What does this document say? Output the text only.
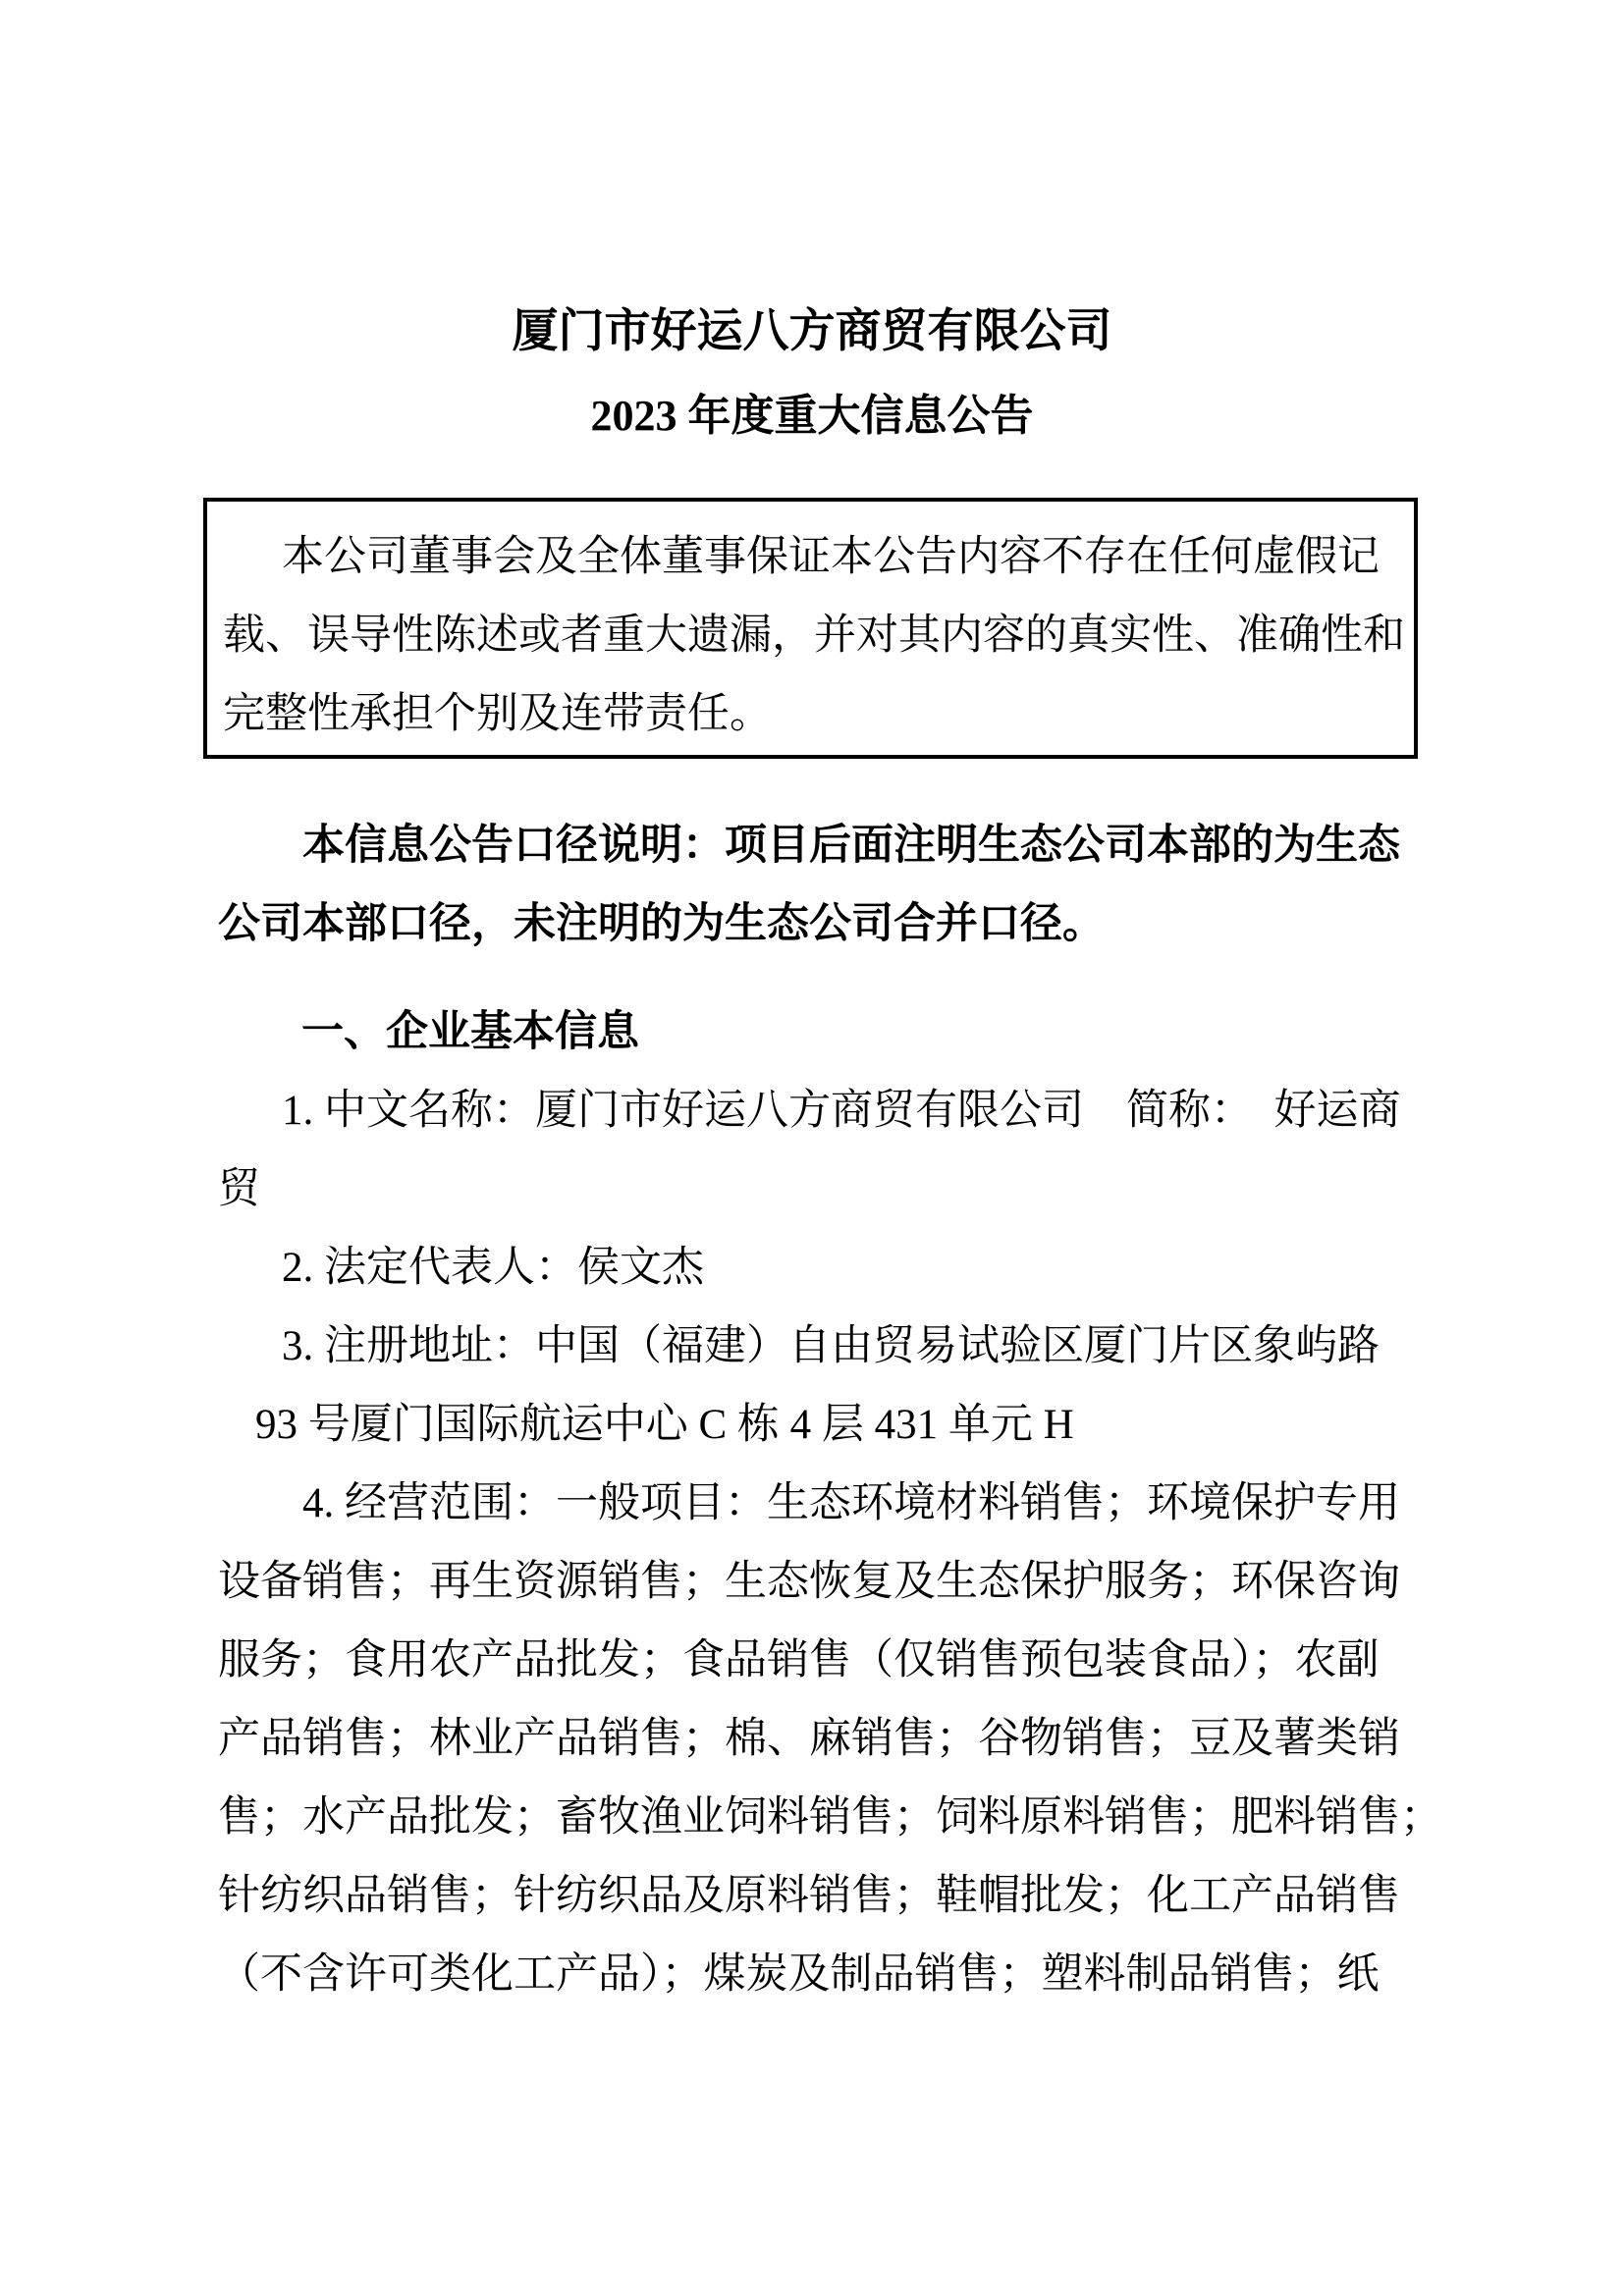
厦门市好运八方商贸有限公司
2023 年度重大信息公告
本公司董事会及全体董事保证本公告内容不存在任何虚假记
载、误导性陈述或者重大遗漏，并对其内容的真实性、准确性和
完整性承担个别及连带责任。
本信息公告口径说明：项目后面注明生态公司本部的为生态
公司本部口径，未注明的为生态公司合并口径。
一、企业基本信息
1. 中文名称：厦门市好运八方商贸有限公司　简称：　好运商
贸
2. 法定代表人：侯文杰
3. 注册地址：中国（福建）自由贸易试验区厦门片区象屿路
93 号厦门国际航运中心 C 栋 4 层 431 单元 H
4. 经营范围：一般项目：生态环境材料销售；环境保护专用
设备销售；再生资源销售；生态恢复及生态保护服务；环保咨询
服务；食用农产品批发；食品销售（仅销售预包装食品）；农副
产品销售；林业产品销售；棉、麻销售；谷物销售；豆及薯类销
售；水产品批发；畜牧渔业饲料销售；饲料原料销售；肥料销售；
针纺织品销售；针纺织品及原料销售；鞋帽批发；化工产品销售
（不含许可类化工产品）；煤炭及制品销售；塑料制品销售；纸
